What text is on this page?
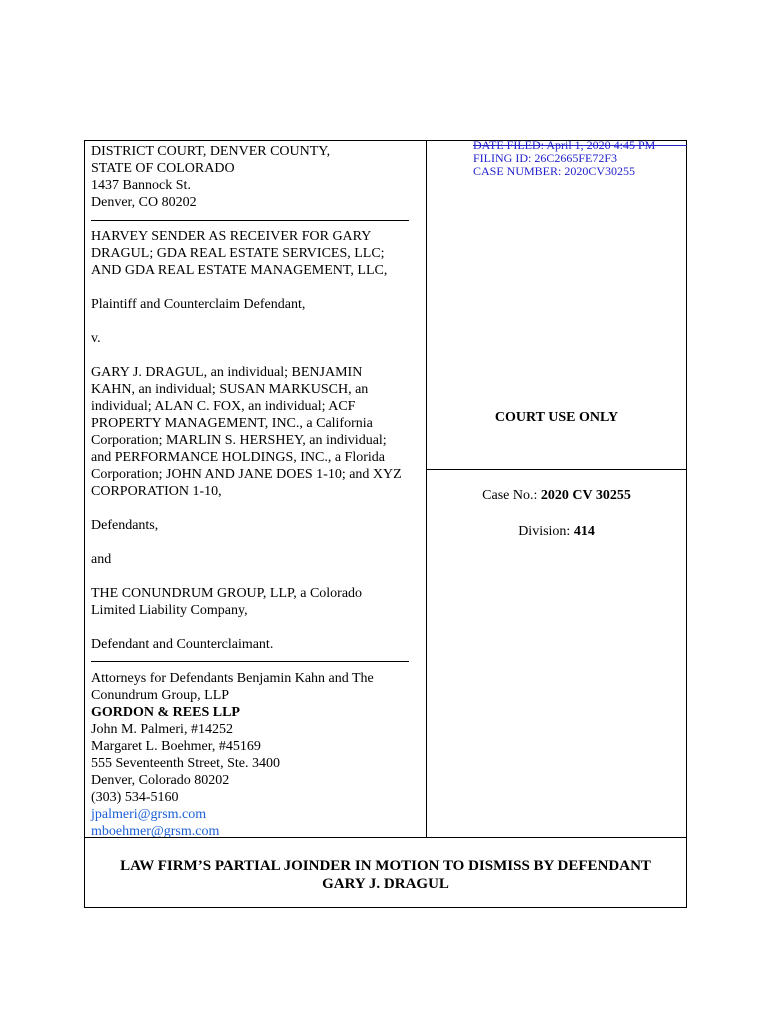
DISTRICT COURT, DENVER COUNTY,

STATE OF COLORADO

1437 Bannock St.

Denver, CO 80202

HARVEY SENDER AS RECEIVER FOR GARY

DRAGUL; GDA REAL ESTATE SERVICES, LLC;

AND GDA REAL ESTATE MANAGEMENT, LLC,

Plaintiff and Counterclaim Defendant,

v.

GARY J. DRAGUL, an individual; BENJAMIN

KAHN, an individual; SUSAN MARKUSCH, an

individual; ALAN C. FOX, an individual; ACF

PROPERTY MANAGEMENT, INC., a California

Corporation; MARLIN S. HERSHEY, an individual;

and PERFORMANCE HOLDINGS, INC., a Florida

Corporation; JOHN AND JANE DOES 1-10; and XYZ

CORPORATION 1-10,

Defendants,

and

THE CONUNDRUM GROUP, LLP, a Colorado

Limited Liability Company,

Defendant and Counterclaimant.

Attorneys for Defendants Benjamin Kahn and The

Conundrum Group, LLP

GORDON & REES LLP

John M. Palmeri, #14252

Margaret L. Boehmer, #45169

555 Seventeenth Street, Ste. 3400

Denver, Colorado 80202

(303) 534-5160

jpalmeri@grsm.com

mboehmer@grsm.com

DATE FILED: April 1, 2020 4:45 PM
FILING ID: 26C2665FE72F3
CASE NUMBER: 2020CV30255

COURT USE ONLY

Case No.: 2020 CV 30255

Division: 414

LAW FIRM’S PARTIAL JOINDER IN MOTION TO DISMISS BY DEFENDANT
GARY J. DRAGUL
